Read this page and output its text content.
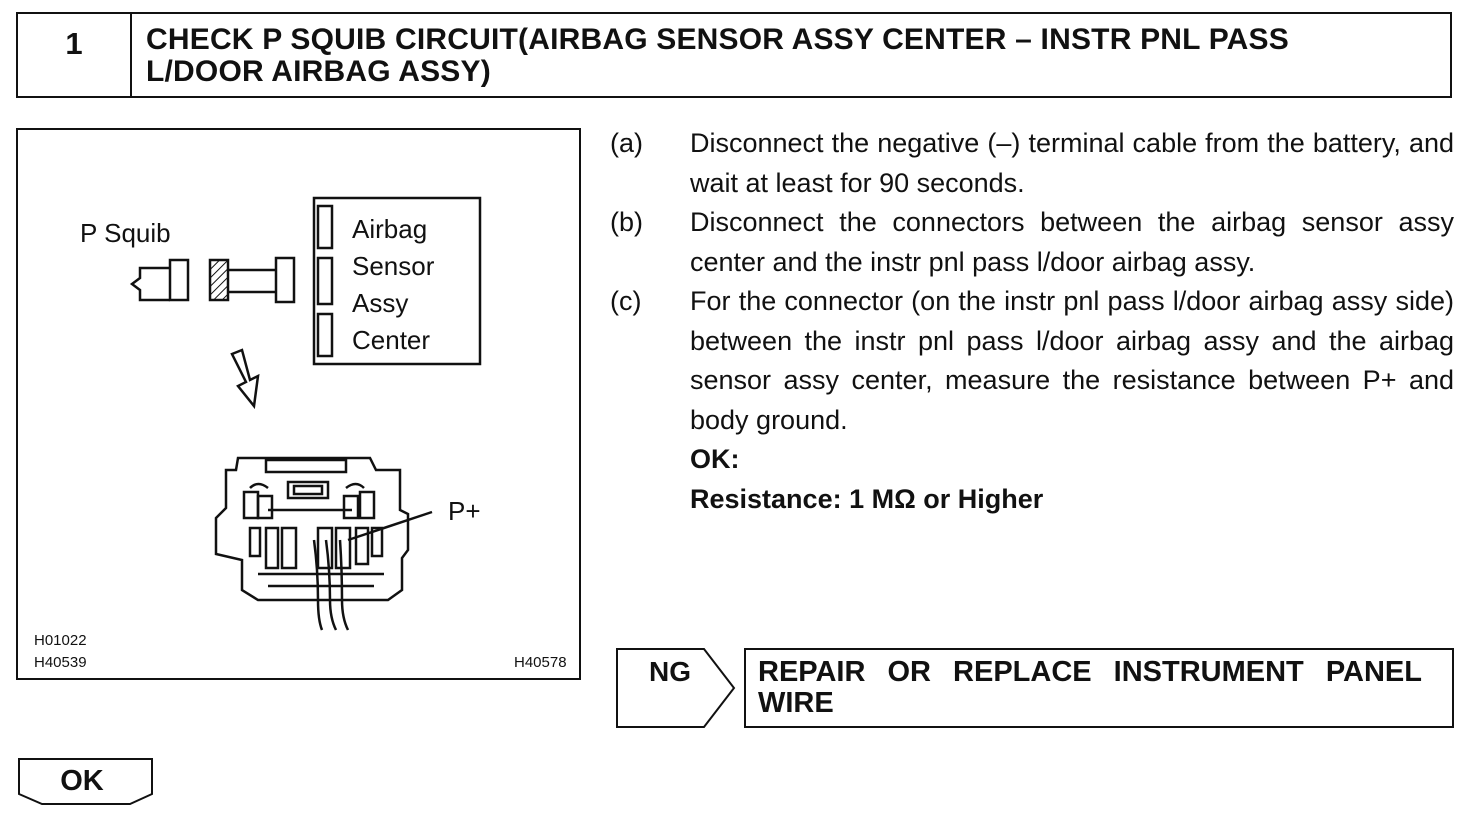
1	CHECK P SQUIB CIRCUIT(AIRBAG SENSOR ASSY CENTER – INSTR PNL PASS
L/DOOR AIRBAG ASSY)
P Squib	Airbag
Sensor
Assy
Center
P+
H01022
H40539	H40578
(a)	Disconnect the negative (–) terminal cable from the battery, and wait at least for 90 seconds.
(b)	Disconnect the connectors between the airbag sensor assy center and the instr pnl pass l/door airbag assy.
(c)	For the connector (on the instr pnl pass l/door airbag assy side) between the instr pnl pass l/door airbag assy and the airbag sensor assy center, measure the resistance between P+ and body ground.
OK:
Resistance: 1 MΩ or Higher
NG REPAIR OR REPLACE INSTRUMENT PANEL
WIRE
OK
